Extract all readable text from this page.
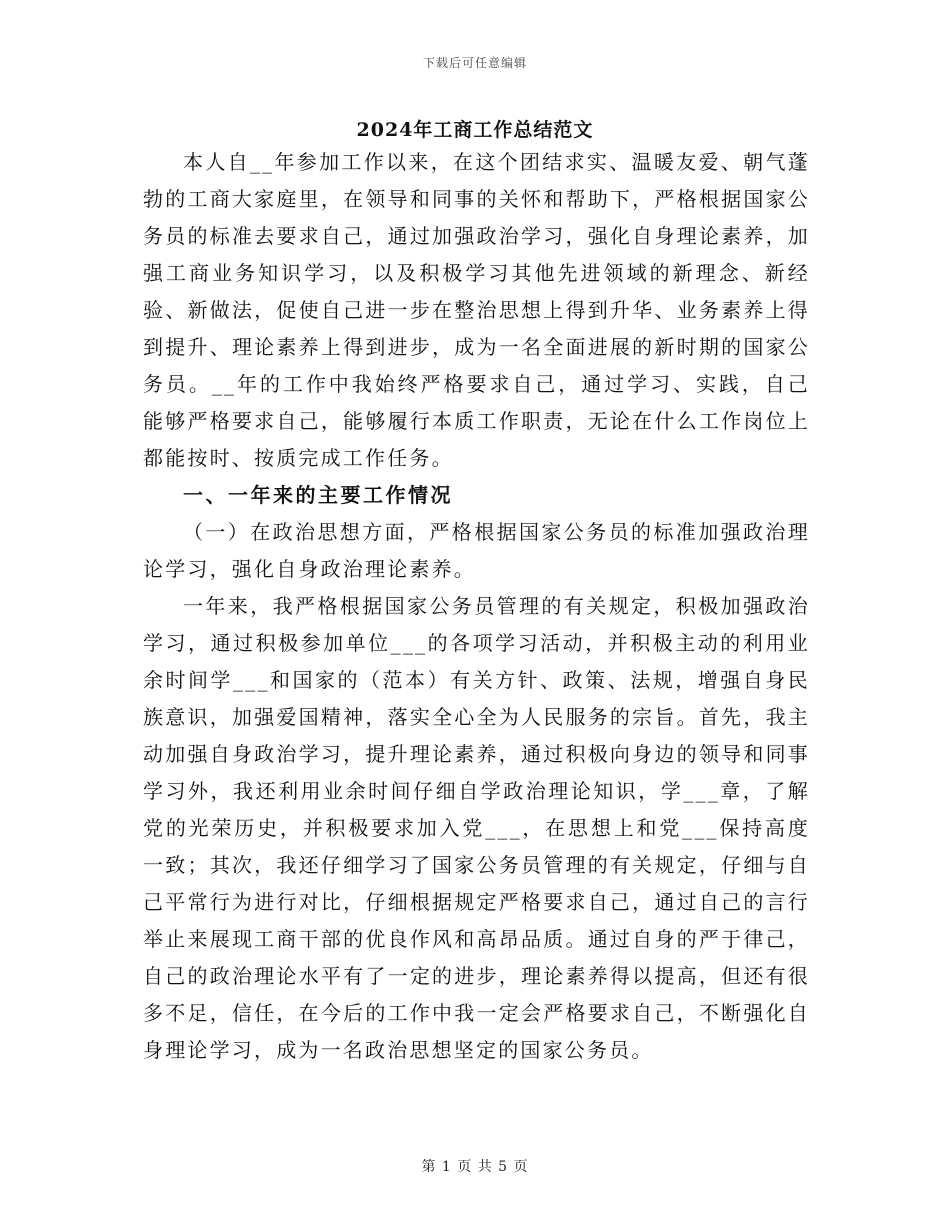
下载后可任意编辑
2024年工商工作总结范文

本人自__年参加工作以来，在这个团结求实、温暖友爱、朝气蓬勃的工商大家庭里，在领导和同事的关怀和帮助下，严格根据国家公务员的标准去要求自己，通过加强政治学习，强化自身理论素养，加强工商业务知识学习，以及积极学习其他先进领域的新理念、新经验、新做法，促使自己进一步在整治思想上得到升华、业务素养上得到提升、理论素养上得到进步，成为一名全面进展的新时期的国家公务员。__年的工作中我始终严格要求自己，通过学习、实践，自己能够严格要求自己，能够履行本质工作职责，无论在什么工作岗位上都能按时、按质完成工作任务。

一、一年来的主要工作情况

（一）在政治思想方面，严格根据国家公务员的标准加强政治理论学习，强化自身政治理论素养。

一年来，我严格根据国家公务员管理的有关规定，积极加强政治学习，通过积极参加单位___的各项学习活动，并积极主动的利用业余时间学___和国家的（范本）有关方针、政策、法规，增强自身民族意识，加强爱国精神，落实全心全为人民服务的宗旨。首先，我主动加强自身政治学习，提升理论素养，通过积极向身边的领导和同事学习外，我还利用业余时间仔细自学政治理论知识，学___章，了解党的光荣历史，并积极要求加入党___，在思想上和党___保持高度一致；其次，我还仔细学习了国家公务员管理的有关规定，仔细与自己平常行为进行对比，仔细根据规定严格要求自己，通过自己的言行举止来展现工商干部的优良作风和高昂品质。通过自身的严于律己，自己的政治理论水平有了一定的进步，理论素养得以提高，但还有很多不足，信任，在今后的工作中我一定会严格要求自己，不断强化自身理论学习，成为一名政治思想坚定的国家公务员。

第 1 页 共 5 页
